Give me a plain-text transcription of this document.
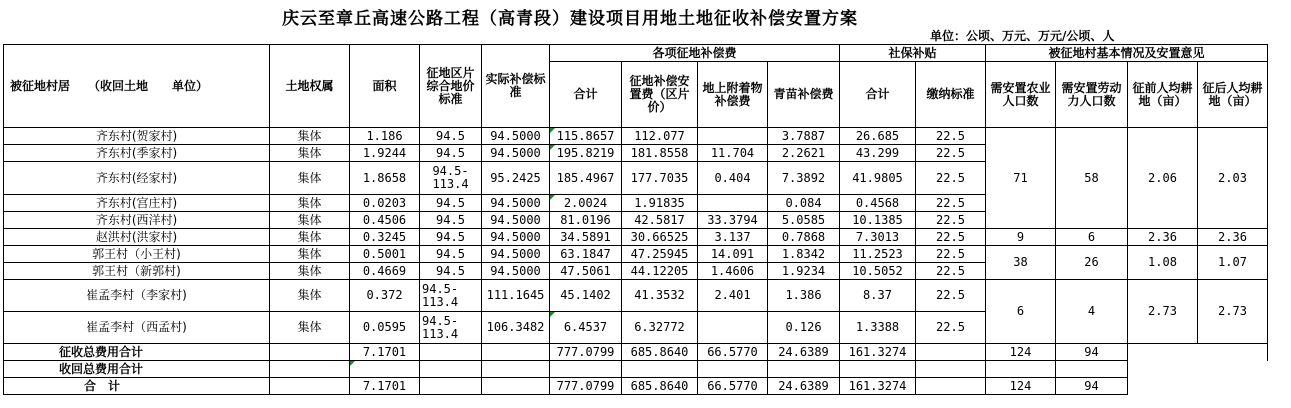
庆云至章丘高速公路工程（高青段）建设项目用地土地征收补偿安置方案
单位：公顷、万元、万元/公顷、人
被征地村居　　（收回土地　　单位）	土地权属	面积	征地区片综合地价标准	实际补偿标准	各项征地补偿费				社保补贴		被征地村基本情况及安置意见			
					合计	征地补偿安置费（区片价）	地上附着物补偿费	青苗补偿费	合计	缴纳标准	需安置农业人口数	需安置劳动力人口数	征前人均耕地（亩）	征后人均耕地（亩）
齐东村(贺家村)	集体	1.186	94.5	94.5000	115.8657	112.077		3.7887	26.685	22.5	71	58	2.06	2.03
齐东村(季家村)	集体	1.9244	94.5	94.5000	195.8219	181.8558	11.704	2.2621	43.299	22.5				
齐东村(经家村)	集体	1.8658	94.5-113.4	95.2425	185.4967	177.7035	0.404	7.3892	41.9805	22.5				
齐东村(宫庄村)	集体	0.0203	94.5	94.5000	2.0024	1.91835		0.084	0.4568	22.5				
齐东村(西洋村)	集体	0.4506	94.5	94.5000	81.0196	42.5817	33.3794	5.0585	10.1385	22.5				
赵洪村(洪家村)	集体	0.3245	94.5	94.5000	34.5891	30.66525	3.137	0.7868	7.3013	22.5	9	6	2.36	2.36
郭王村（小王村)	集体	0.5001	94.5	94.5000	63.1847	47.25945	14.091	1.8342	11.2523	22.5	38	26	1.08	1.07
郭王村（新郭村)	集体	0.4669	94.5	94.5000	47.5061	44.12205	1.4606	1.9234	10.5052	22.5				
崔孟李村（李家村)	集体	0.372	94.5-113.4	111.1645	45.1402	41.3532	2.401	1.386	8.37	22.5	6	4	2.73	2.73
崔孟李村（西孟村)	集体	0.0595	94.5-113.4	106.3482	6.4537	6.32772		0.126	1.3388	22.5				
征收总费用合计		7.1701			777.0799	685.8640	66.5770	24.6389	161.3274		124	94		
收回总费用合计														
合　计		7.1701			777.0799	685.8640	66.5770	24.6389	161.3274		124	94		
